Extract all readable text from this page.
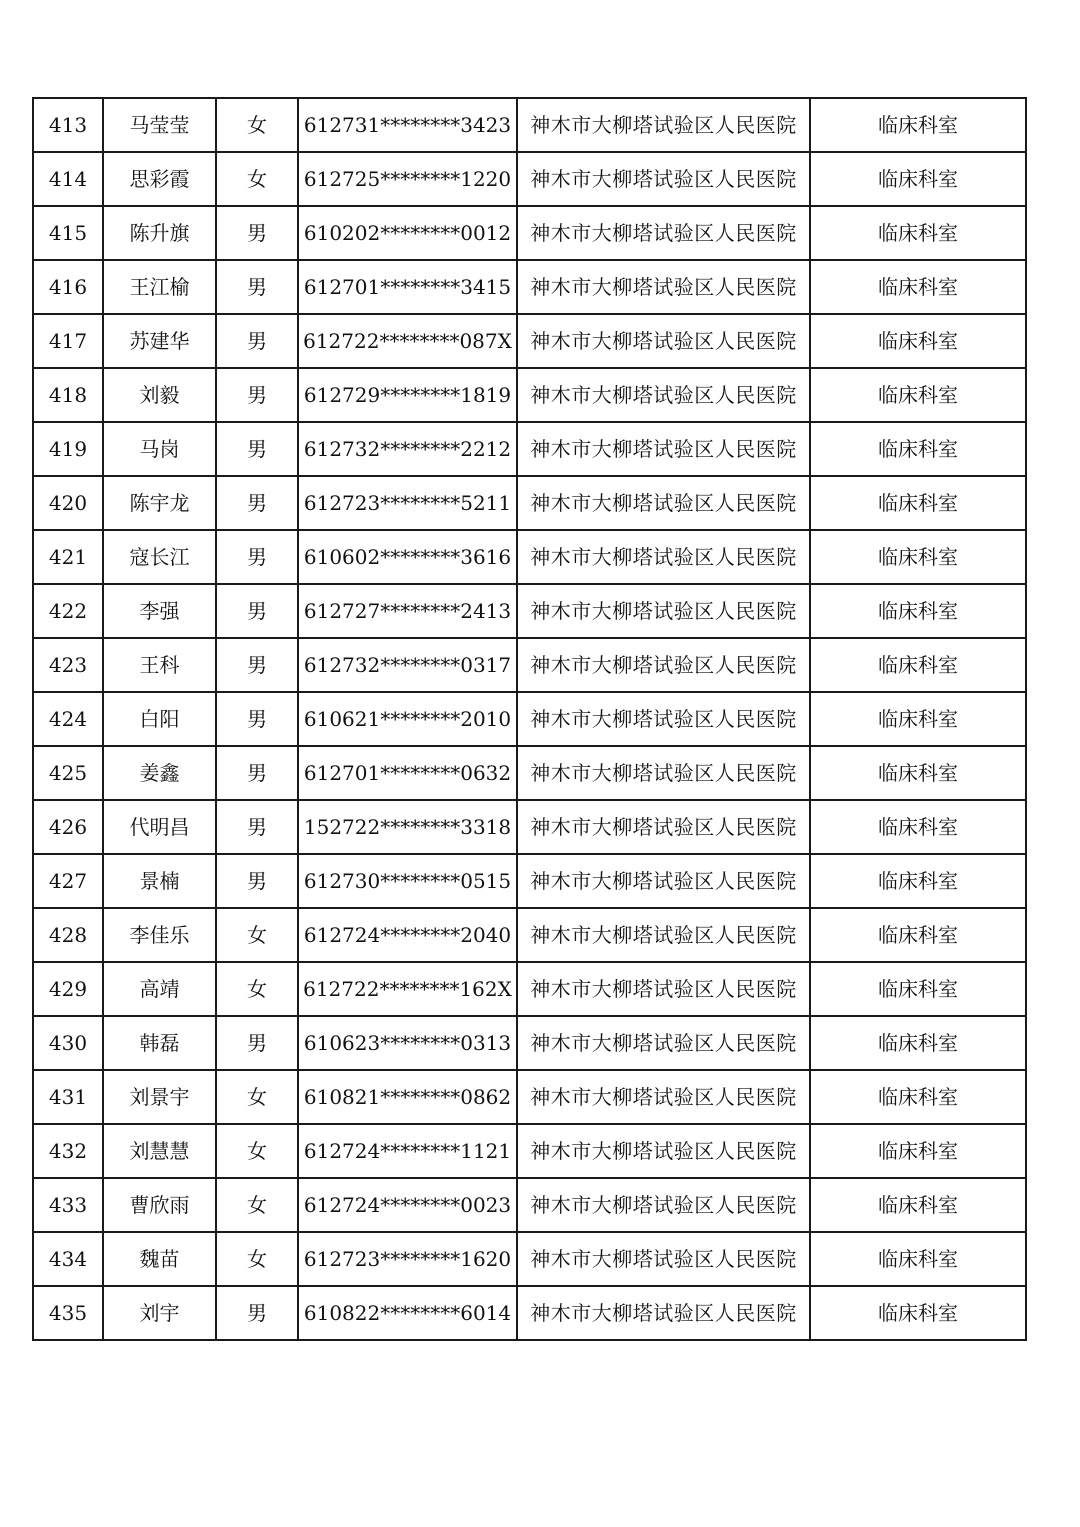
413	马莹莹	女	612731********3423	神木市大柳塔试验区人民医院	临床科室
414	思彩霞	女	612725********1220	神木市大柳塔试验区人民医院	临床科室
415	陈升旗	男	610202********0012	神木市大柳塔试验区人民医院	临床科室
416	王江榆	男	612701********3415	神木市大柳塔试验区人民医院	临床科室
417	苏建华	男	612722********087X	神木市大柳塔试验区人民医院	临床科室
418	刘毅	男	612729********1819	神木市大柳塔试验区人民医院	临床科室
419	马岗	男	612732********2212	神木市大柳塔试验区人民医院	临床科室
420	陈宇龙	男	612723********5211	神木市大柳塔试验区人民医院	临床科室
421	寇长江	男	610602********3616	神木市大柳塔试验区人民医院	临床科室
422	李强	男	612727********2413	神木市大柳塔试验区人民医院	临床科室
423	王科	男	612732********0317	神木市大柳塔试验区人民医院	临床科室
424	白阳	男	610621********2010	神木市大柳塔试验区人民医院	临床科室
425	姜鑫	男	612701********0632	神木市大柳塔试验区人民医院	临床科室
426	代明昌	男	152722********3318	神木市大柳塔试验区人民医院	临床科室
427	景楠	男	612730********0515	神木市大柳塔试验区人民医院	临床科室
428	李佳乐	女	612724********2040	神木市大柳塔试验区人民医院	临床科室
429	高靖	女	612722********162X	神木市大柳塔试验区人民医院	临床科室
430	韩磊	男	610623********0313	神木市大柳塔试验区人民医院	临床科室
431	刘景宇	女	610821********0862	神木市大柳塔试验区人民医院	临床科室
432	刘慧慧	女	612724********1121	神木市大柳塔试验区人民医院	临床科室
433	曹欣雨	女	612724********0023	神木市大柳塔试验区人民医院	临床科室
434	魏苗	女	612723********1620	神木市大柳塔试验区人民医院	临床科室
435	刘宇	男	610822********6014	神木市大柳塔试验区人民医院	临床科室
